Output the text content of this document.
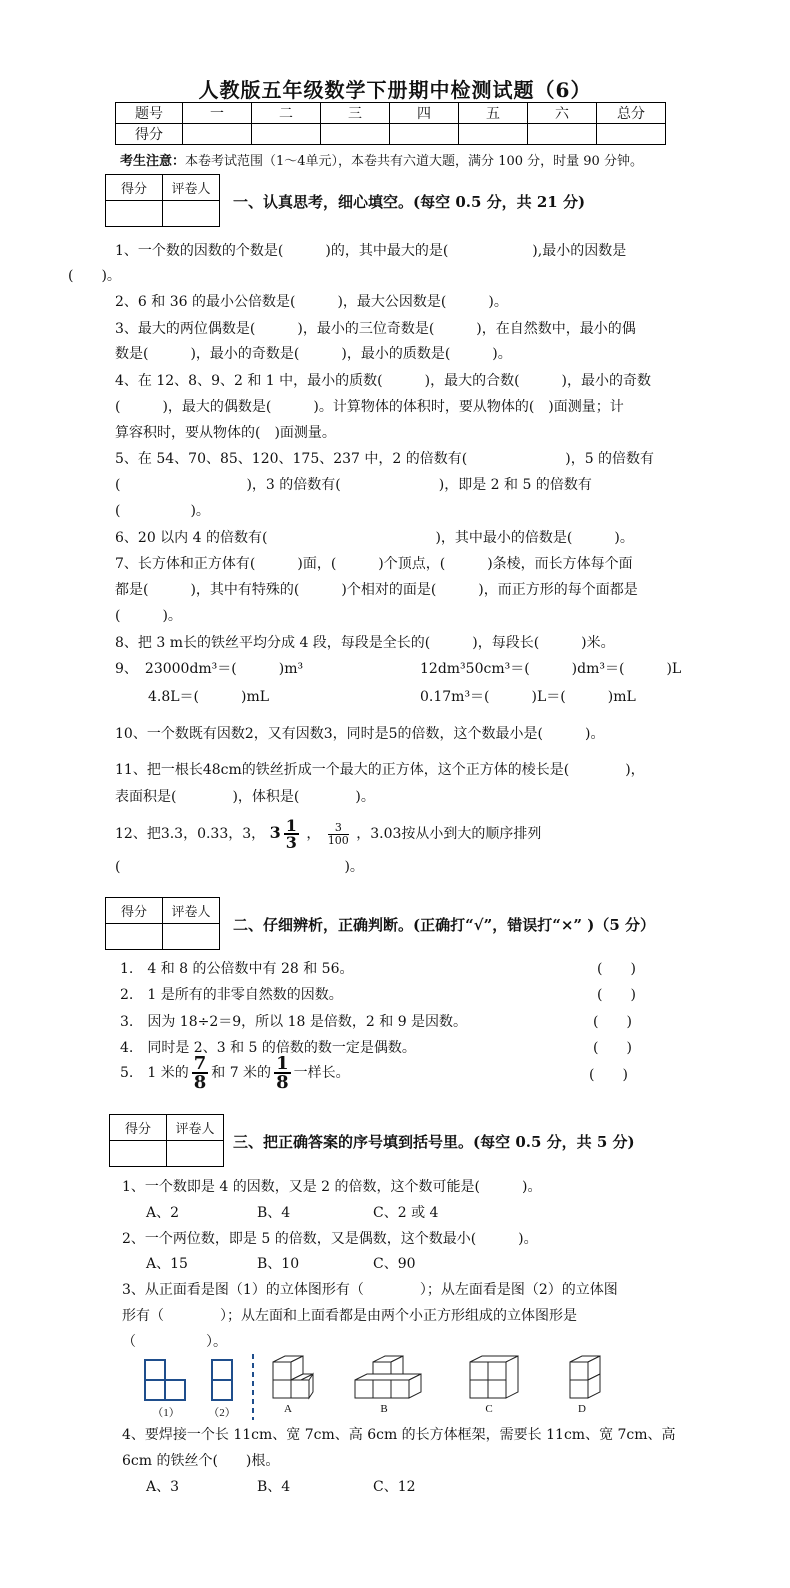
人教版五年级数学下册期中检测试题（6）
题号	一	二	三	四	五	六	总分
得分							
考生注意：本卷考试范围（1～4单元），本卷共有六道大题，满分 100 分，时量 90 分钟。
得分	评卷人

一、认真思考，细心填空。(每空 0.5 分，共 21 分)
1、一个数的因数的个数是(　　　)的，其中最大的是(　　　　　　),最小的因数是
(　　)。
2、6 和 36 的最小公倍数是(　　　)，最大公因数是(　　　)。
3、最大的两位偶数是(　　　)，最小的三位奇数是(　　　)，在自然数中，最小的偶
数是(　　　)，最小的奇数是(　　　)，最小的质数是(　　　)。
4、在 12、8、9、2 和 1 中，最小的质数(　　　)，最大的合数(　　　)，最小的奇数
(　　　)，最大的偶数是(　　　)。计算物体的体积时，要从物体的(　)面测量；计
算容积时，要从物体的(　)面测量。
5、在 54、70、85、120、175、237 中，2 的倍数有(　　　　　　　)，5 的倍数有
(　　　　　　　　　)，3 的倍数有(　　　　　　　)，即是 2 和 5 的倍数有
(　　　　　)。
6、20 以内 4 的倍数有(　　　　　　　　　　　　)，其中最小的倍数是(　　　)。
7、长方体和正方体有(　　　)面，(　　　)个顶点，(　　　)条棱，而长方体每个面
都是(　　　)，其中有特殊的(　　　)个相对的面是(　　　)，而正方形的每个面都是
(　　　)。
8、把 3 m长的铁丝平均分成 4 段，每段是全长的(　　　)，每段长(　　　)米。
9、　23000dm³＝(　　　)m³	12dm³50cm³＝(　　　)dm³＝(　　　)L
4.8L＝(　　　)mL	0.17m³＝(　　　)L＝(　　　)mL
10、一个数既有因数2，又有因数3，同时是5的倍数，这个数最小是(　　　)。
11、把一根长48cm的铁丝折成一个最大的正方体，这个正方体的棱长是(　　　　)，
表面积是(　　　　)，体积是(　　　　)。
12、把3.3，0.33，3， $3 \frac{1}{3}$ ， $\frac{3}{100}$ ，3.03按从小到大的顺序排列
(　　　　　　　　　　　　　　　　)。
得分	评卷人

二、仔细辨析，正确判断。(正确打“√”，错误打“×” )（5 分）
1.　4 和 8 的公倍数中有 28 和 56。	(　　)
2.　1 是所有的非零自然数的因数。	(　　)
3.　因为 18÷2＝9，所以 18 是倍数，2 和 9 是因数。	(　　)
4.　同时是 2、3 和 5 的倍数的数一定是偶数。	(　　)
5.　1 米的 $\frac{7}{8}$ 和 7 米的 $\frac{1}{8}$ 一样长。	(　　)
得分	评卷人

三、把正确答案的序号填到括号里。(每空 0.5 分，共 5 分)
1、一个数即是 4 的因数，又是 2 的倍数，这个数可能是(　　　)。
A、2	B、4	C、2 或 4
2、一个两位数，即是 5 的倍数，又是偶数，这个数最小(　　　)。
A、15	B、10	C、90
3、从正面看是图（1）的立体图形有（　　　　）；从左面看是图（2）的立体图
形有（　　　　）；从左面和上面看都是由两个小正方形组成的立体图形是
（　　　　　）。
（1）	（2）	A	B	C	D
4、要焊接一个长 11cm、宽 7cm、高 6cm 的长方体框架，需要长 11cm、宽 7cm、高
6cm 的铁丝个(　　)根。
A、3	B、4	C、12
